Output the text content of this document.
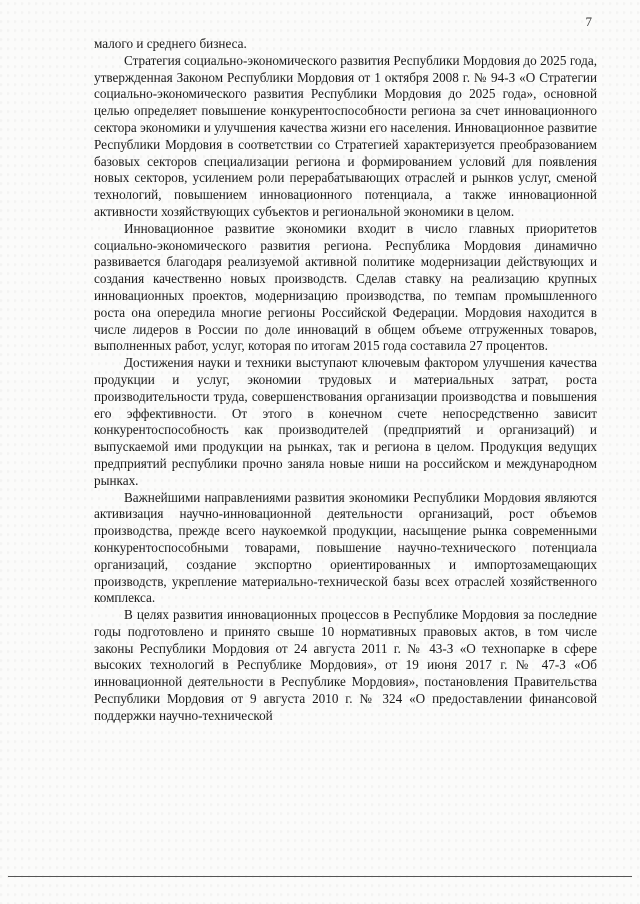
7

малого и среднего бизнеса.

Стратегия социально-экономического развития Республики Мордовия до 2025 года, утвержденная Законом Республики Мордовия от 1 октября 2008 г. № 94-З «О Стратегии социально-экономического развития Республики Мордовия до 2025 года», основной целью определяет повышение конкурентоспособности региона за счет инновационного сектора экономики и улучшения качества жизни его населения. Инновационное развитие Республики Мордовия в соответствии со Стратегией характеризуется преобразованием базовых секторов специализации региона и формированием условий для появления новых секторов, усилением роли перерабатывающих отраслей и рынков услуг, сменой технологий, повышением инновационного потенциала, а также инновационной активности хозяйствующих субъектов и региональной экономики в целом.

Инновационное развитие экономики входит в число главных приоритетов социально-экономического развития региона. Республика Мордовия динамично развивается благодаря реализуемой активной политике модернизации действующих и создания качественно новых производств. Сделав ставку на реализацию крупных инновационных проектов, модернизацию производства, по темпам промышленного роста она опередила многие регионы Российской Федерации. Мордовия находится в числе лидеров в России по доле инноваций в общем объеме отгруженных товаров, выполненных работ, услуг, которая по итогам 2015 года составила 27 процентов.

Достижения науки и техники выступают ключевым фактором улучшения качества продукции и услуг, экономии трудовых и материальных затрат, роста производительности труда, совершенствования организации производства и повышения его эффективности. От этого в конечном счете непосредственно зависит конкурентоспособность как производителей (предприятий и организаций) и выпускаемой ими продукции на рынках, так и региона в целом. Продукция ведущих предприятий республики прочно заняла новые ниши на российском и международном рынках.

Важнейшими направлениями развития экономики Республики Мордовия являются активизация научно-инновационной деятельности организаций, рост объемов производства, прежде всего наукоемкой продукции, насыщение рынка современными конкурентоспособными товарами, повышение научно-технического потенциала организаций, создание экспортно ориентированных и импортозамещающих производств, укрепление материально-технической базы всех отраслей хозяйственного комплекса.

В целях развития инновационных процессов в Республике Мордовия за последние годы подготовлено и принято свыше 10 нормативных правовых актов, в том числе законы Республики Мордовия от 24 августа 2011 г. № 43-З «О технопарке в сфере высоких технологий в Республике Мордовия», от 19 июня 2017 г. № 47-З «Об инновационной деятельности в Республике Мордовия», постановления Правительства Республики Мордовия от 9 августа 2010 г. № 324 «О предоставлении финансовой поддержки научно-технической
